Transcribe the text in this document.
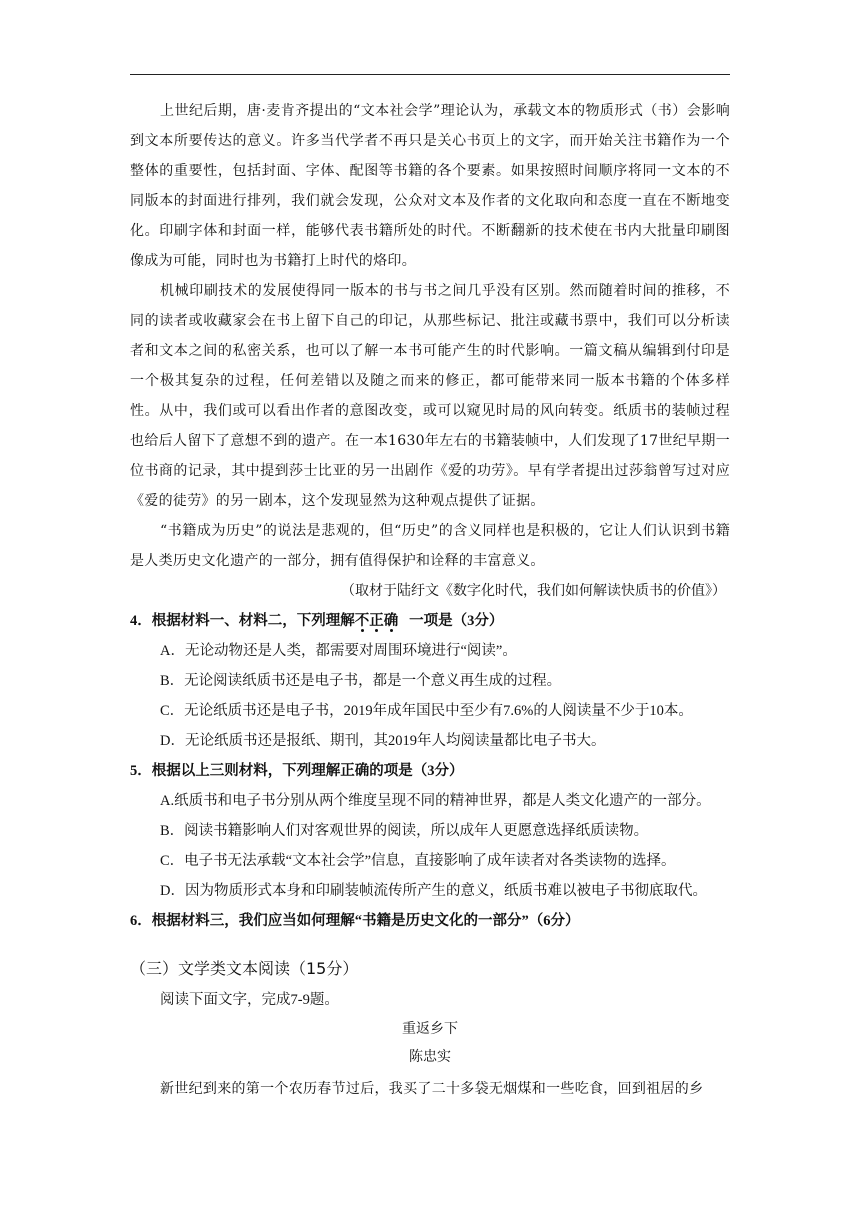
上世纪后期，唐·麦肯齐提出的“文本社会学”理论认为，承载文本的物质形式（书）会影响到文本所要传达的意义。许多当代学者不再只是关心书页上的文字，而开始关注书籍作为一个整体的重要性，包括封面、字体、配图等书籍的各个要素。如果按照时间顺序将同一文本的不同版本的封面进行排列，我们就会发现，公众对文本及作者的文化取向和态度一直在不断地变化。印刷字体和封面一样，能够代表书籍所处的时代。不断翻新的技术使在书内大批量印刷图像成为可能，同时也为书籍打上时代的烙印。

机械印刷技术的发展使得同一版本的书与书之间几乎没有区别。然而随着时间的推移，不同的读者或收藏家会在书上留下自己的印记，从那些标记、批注或藏书票中，我们可以分析读者和文本之间的私密关系，也可以了解一本书可能产生的时代影响。一篇文稿从编辑到付印是一个极其复杂的过程，任何差错以及随之而来的修正，都可能带来同一版本书籍的个体多样性。从中，我们或可以看出作者的意图改变，或可以窥见时局的风向转变。纸质书的装帧过程也给后人留下了意想不到的遗产。在一本1630年左右的书籍装帧中，人们发现了17世纪早期一位书商的记录，其中提到莎士比亚的另一出剧作《爱的功劳》。早有学者提出过莎翁曾写过对应《爱的徒劳》的另一剧本，这个发现显然为这种观点提供了证据。

“书籍成为历史”的说法是悲观的，但“历史”的含义同样也是积极的，它让人们认识到书籍是人类历史文化遗产的一部分，拥有值得保护和诠释的丰富意义。

（取材于陆纡文《数字化时代，我们如何解读快质书的价值》）

4．根据材料一、材料二，下列理解不正确 一项是（3分）

A．无论动物还是人类，都需要对周围环境进行“阅读”。

B．无论阅读纸质书还是电子书，都是一个意义再生成的过程。

C．无论纸质书还是电子书，2019年成年国民中至少有7.6%的人阅读量不少于10本。

D．无论纸质书还是报纸、期刊，其2019年人均阅读量都比电子书大。

5．根据以上三则材料，下列理解正确的项是（3分）

A.纸质书和电子书分别从两个维度呈现不同的精神世界，都是人类文化遗产的一部分。

B．阅读书籍影响人们对客观世界的阅读，所以成年人更愿意选择纸质读物。

C．电子书无法承载“文本社会学”信息，直接影响了成年读者对各类读物的选择。

D．因为物质形式本身和印刷装帧流传所产生的意义，纸质书难以被电子书彻底取代。

6．根据材料三，我们应当如何理解“书籍是历史文化的一部分”（6分）

（三）文学类文本阅读（15分）
阅读下面文字，完成7-9题。
重返乡下
陈忠实

新世纪到来的第一个农历春节过后，我买了二十多袋无烟煤和一些吃食，回到祖居的乡
